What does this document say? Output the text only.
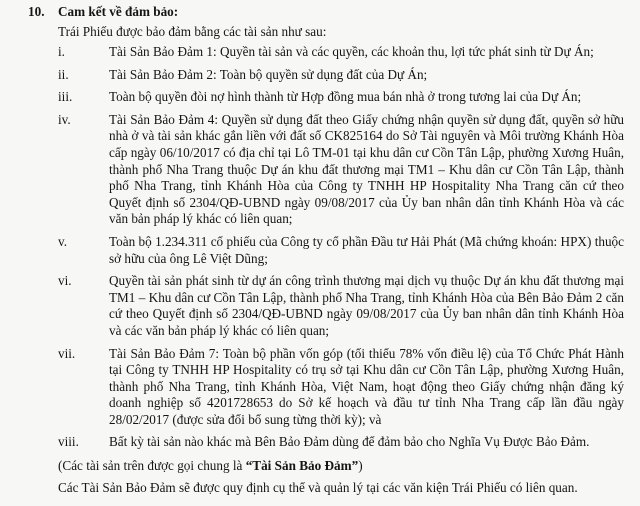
10.	Cam kết về đảm bảo:

Trái Phiếu được bảo đảm bằng các tài sản như sau:

i.	Tài Sản Bảo Đảm 1: Quyền tài sản và các quyền, các khoản thu, lợi tức phát sinh từ Dự Án;
ii.	Tài Sản Bảo Đảm 2: Toàn bộ quyền sử dụng đất của Dự Án;
iii.	Toàn bộ quyền đòi nợ hình thành từ Hợp đồng mua bán nhà ở trong tương lai của Dự Án;
iv.	Tài Sản Bảo Đảm 4: Quyền sử dụng đất theo Giấy chứng nhận quyền sử dụng đất, quyền sở hữu nhà ở và tài sản khác gắn liền với đất số CK825164 do Sở Tài nguyên và Môi trường Khánh Hòa cấp ngày 06/10/2017 có địa chỉ tại Lô TM-01 tại khu dân cư Cồn Tân Lập, phường Xương Huân, thành phố Nha Trang thuộc Dự án khu đất thương mại TM1 – Khu dân cư Cồn Tân Lập, thành phố Nha Trang, tỉnh Khánh Hòa của Công ty TNHH HP Hospitality Nha Trang căn cứ theo Quyết định số 2304/QĐ-UBND ngày 09/08/2017 của Ủy ban nhân dân tỉnh Khánh Hòa và các văn bản pháp lý khác có liên quan;
v.	Toàn bộ 1.234.311 cổ phiếu của Công ty cổ phần Đầu tư Hải Phát (Mã chứng khoán: HPX) thuộc sở hữu của ông Lê Việt Dũng;
vi.	Quyền tài sản phát sinh từ dự án công trình thương mại dịch vụ thuộc Dự án khu đất thương mại TM1 – Khu dân cư Cồn Tân Lập, thành phố Nha Trang, tỉnh Khánh Hòa của Bên Bảo Đảm 2 căn cứ theo Quyết định số 2304/QĐ-UBND ngày 09/08/2017 của Ủy ban nhân dân tỉnh Khánh Hòa và các văn bản pháp lý khác có liên quan;
vii.	Tài Sản Bảo Đảm 7: Toàn bộ phần vốn góp (tối thiểu 78% vốn điều lệ) của Tổ Chức Phát Hành tại Công ty TNHH HP Hospitality có trụ sở tại Khu dân cư Cồn Tân Lập, phường Xương Huân, thành phố Nha Trang, tỉnh Khánh Hòa, Việt Nam, hoạt động theo Giấy chứng nhận đăng ký doanh nghiệp số 4201728653 do Sở kế hoạch và đầu tư tỉnh Nha Trang cấp lần đầu ngày 28/02/2017 (được sửa đổi bổ sung từng thời kỳ); và
viii.	Bất kỳ tài sản nào khác mà Bên Bảo Đảm dùng để đảm bảo cho Nghĩa Vụ Được Bảo Đảm.

(Các tài sản trên được gọi chung là “Tài Sản Bảo Đảm”)

Các Tài Sản Bảo Đảm sẽ được quy định cụ thể và quản lý tại các văn kiện Trái Phiếu có liên quan.
